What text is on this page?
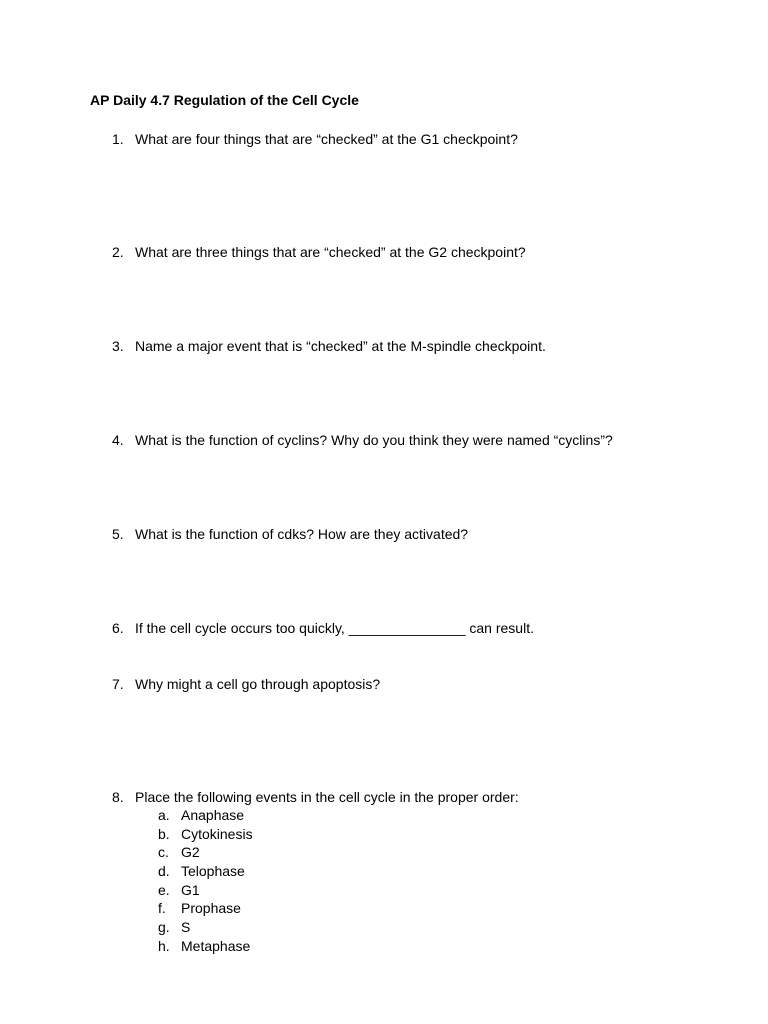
AP Daily 4.7 Regulation of the Cell Cycle
1. What are four things that are “checked” at the G1 checkpoint?
2. What are three things that are “checked” at the G2 checkpoint?
3. Name a major event that is “checked” at the M-spindle checkpoint.
4. What is the function of cyclins? Why do you think they were named “cyclins”?
5. What is the function of cdks? How are they activated?
6. If the cell cycle occurs too quickly, _______________ can result.
7. Why might a cell go through apoptosis?
8. Place the following events in the cell cycle in the proper order:
a. Anaphase
b. Cytokinesis
c. G2
d. Telophase
e. G1
f. Prophase
g. S
h. Metaphase
